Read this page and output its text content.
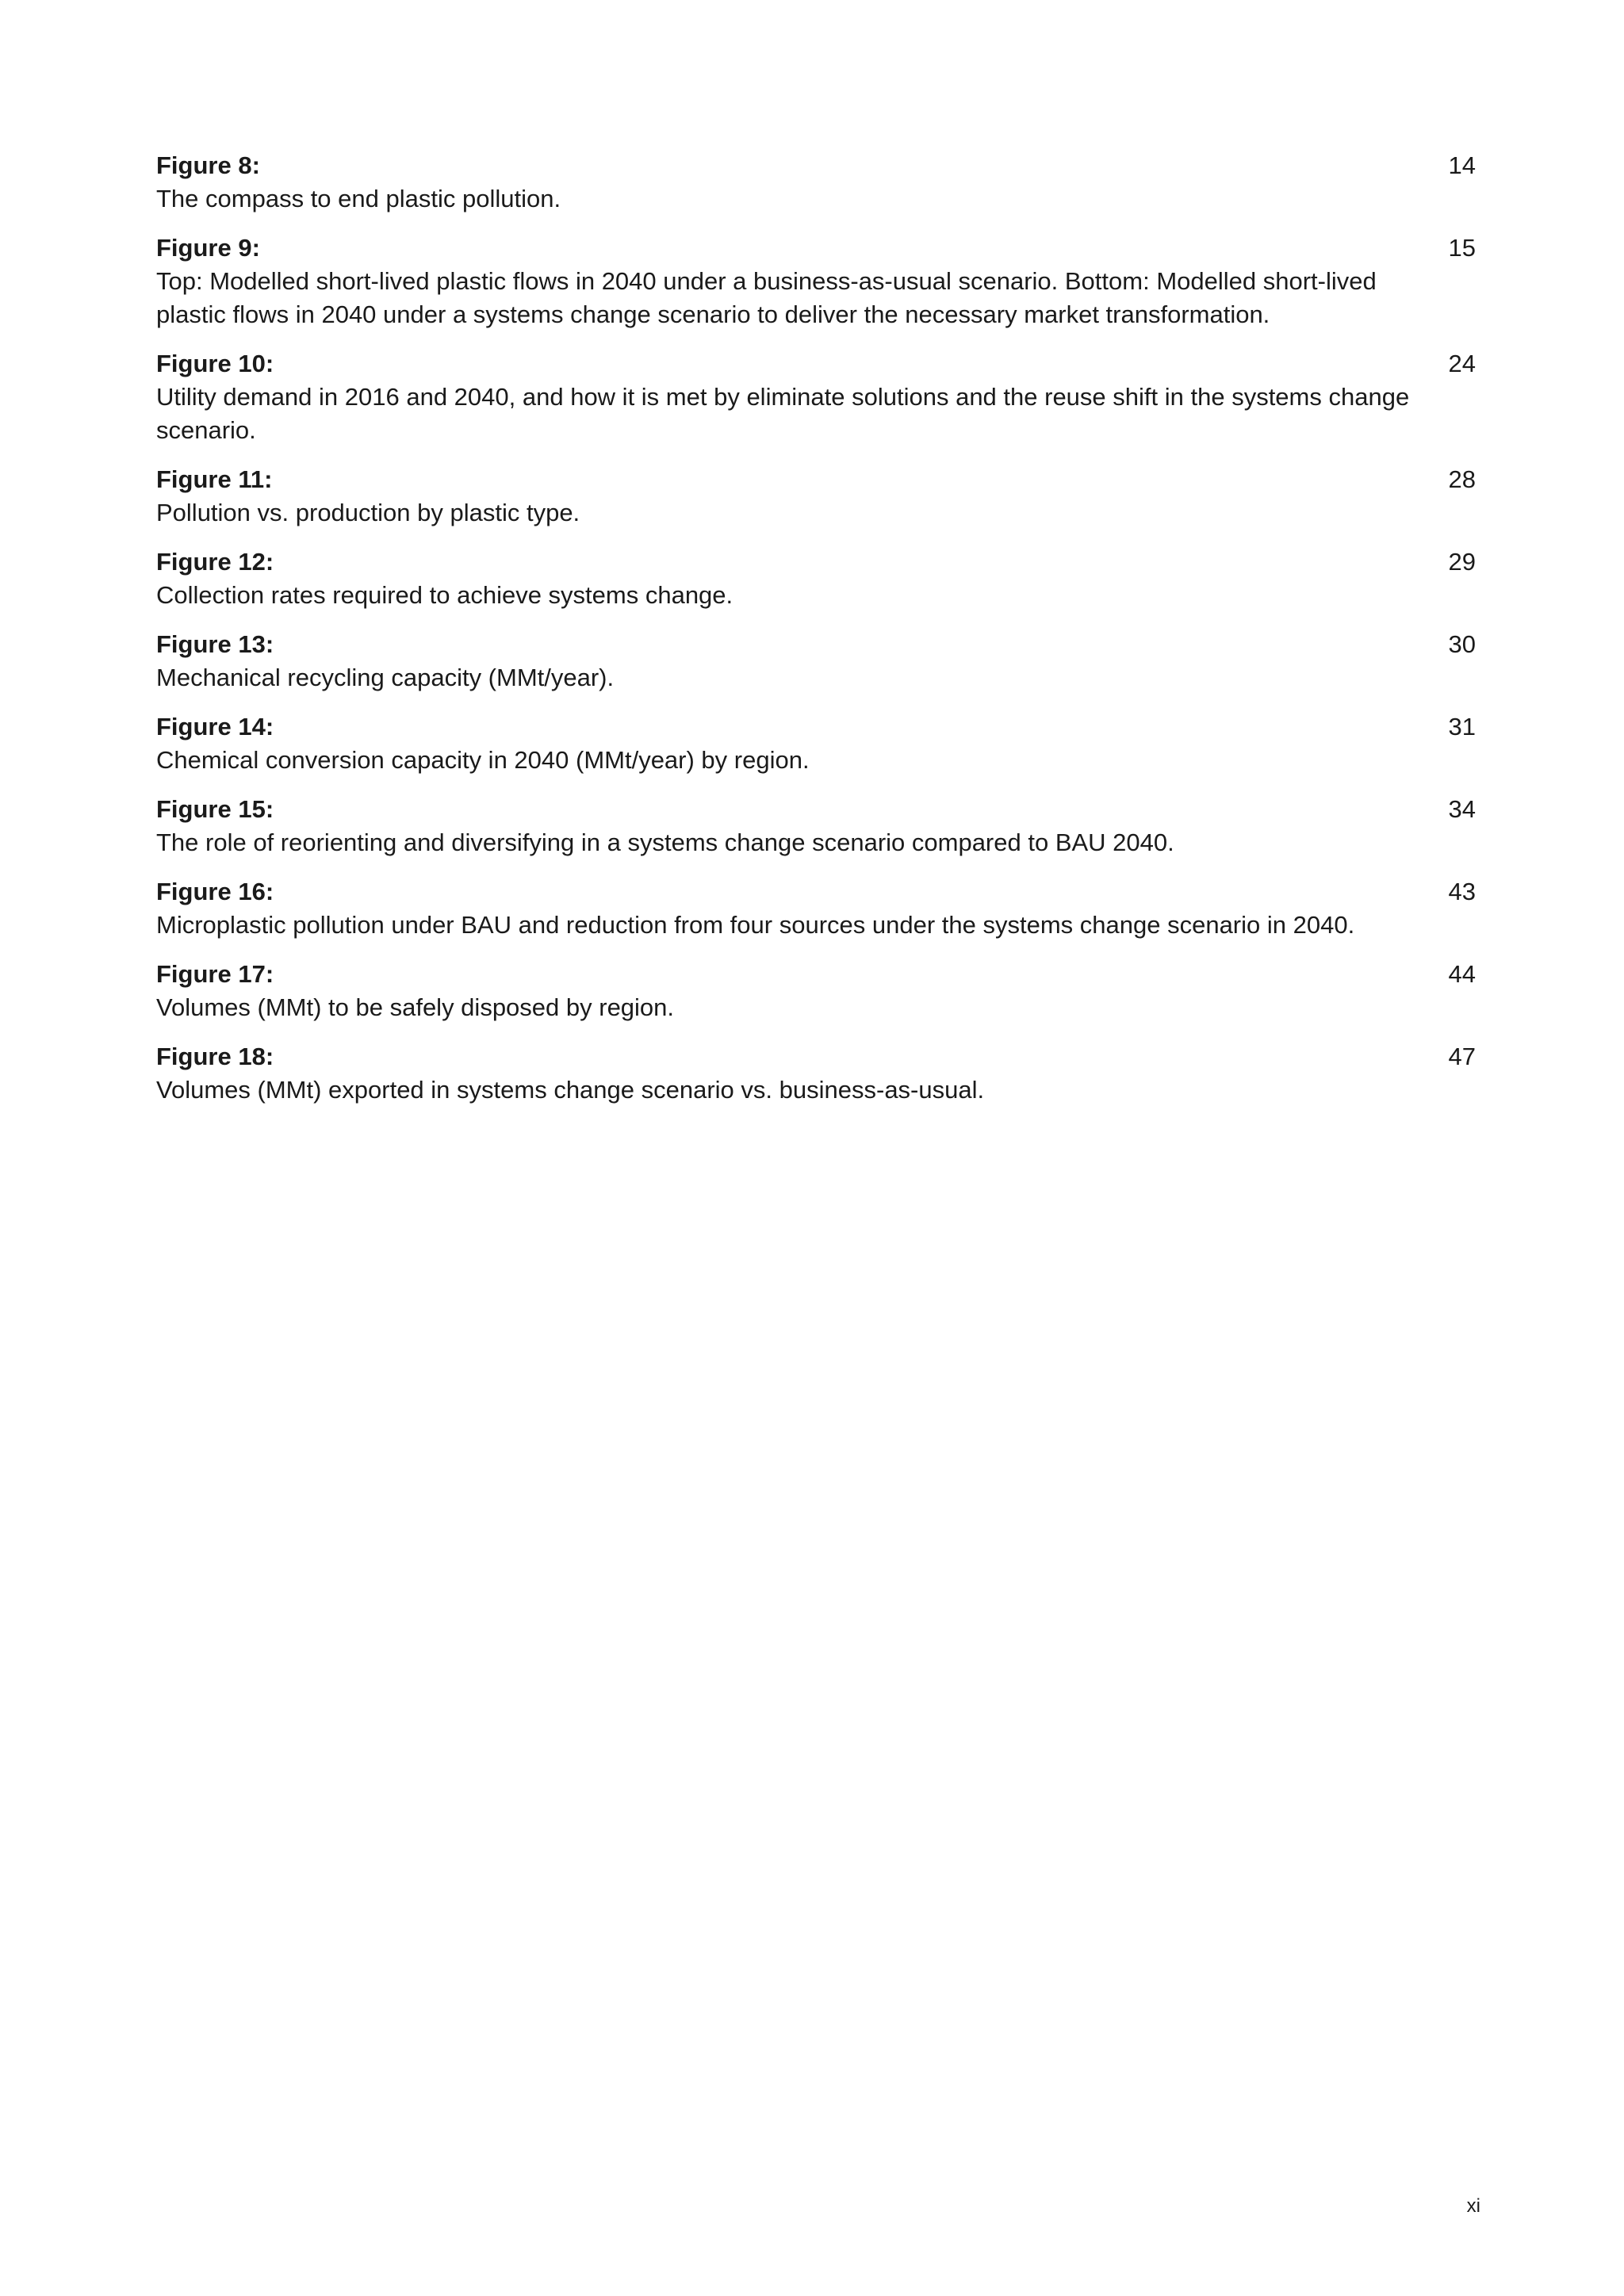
Figure 8:
The compass to end plastic pollution.
14
Figure 9:
Top: Modelled short-lived plastic flows in 2040 under a business-as-usual scenario. Bottom: Modelled short-lived plastic flows in 2040 under a systems change scenario to deliver the necessary market transformation.
15
Figure 10:
Utility demand in 2016 and 2040, and how it is met by eliminate solutions and the reuse shift in the systems change scenario.
24
Figure 11:
Pollution vs. production by plastic type.
28
Figure 12:
Collection rates required to achieve systems change.
29
Figure 13:
Mechanical recycling capacity (MMt/year).
30
Figure 14:
Chemical conversion capacity in 2040 (MMt/year) by region.
31
Figure 15:
The role of reorienting and diversifying in a systems change scenario compared to BAU 2040.
34
Figure 16:
Microplastic pollution under BAU and reduction from four sources under the systems change scenario in 2040.
43
Figure 17:
Volumes (MMt) to be safely disposed by region.
44
Figure 18:
Volumes (MMt) exported in systems change scenario vs. business-as-usual.
47
xi
